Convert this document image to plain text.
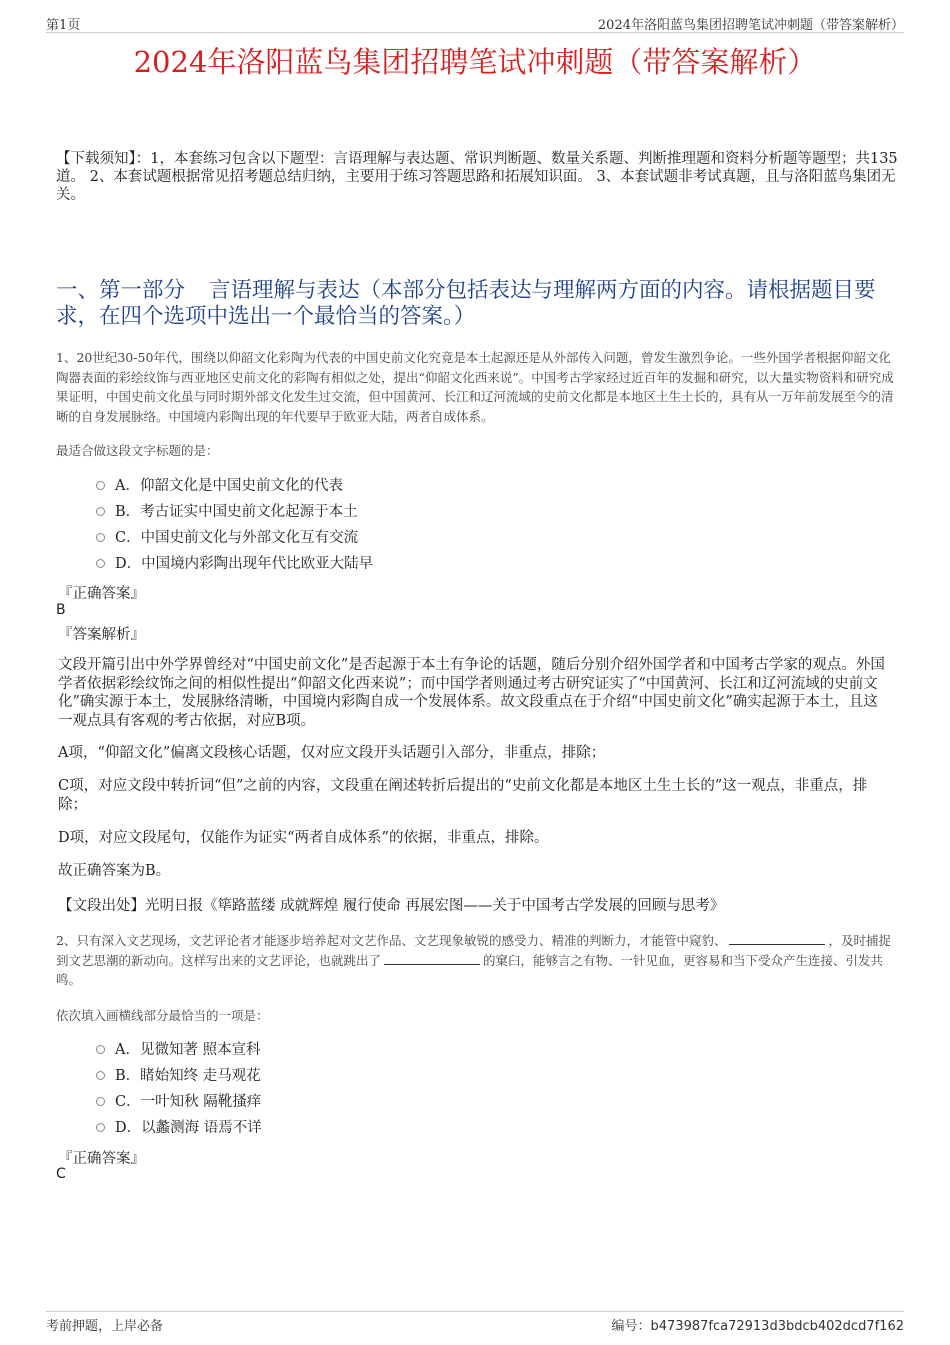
第1页	2024年洛阳蓝鸟集团招聘笔试冲刺题（带答案解析）
2024年洛阳蓝鸟集团招聘笔试冲刺题（带答案解析）
【下载须知】：1，本套练习包含以下题型：言语理解与表达题、常识判断题、数量关系题、判断推理题和资料分析题等题型；共135道。 2、本套试题根据常见招考题总结归纳，主要用于练习答题思路和拓展知识面。 3、本套试题非考试真题，且与洛阳蓝鸟集团无关。
一、第一部分 言语理解与表达（本部分包括表达与理解两方面的内容。请根据题目要求，在四个选项中选出一个最恰当的答案。）
1、20世纪30-50年代，围绕以仰韶文化彩陶为代表的中国史前文化究竟是本土起源还是从外部传入问题，曾发生激烈争论。一些外国学者根据仰韶文化陶器表面的彩绘纹饰与西亚地区史前文化的彩陶有相似之处，提出“仰韶文化西来说”。中国考古学家经过近百年的发掘和研究，以大量实物资料和研究成果证明，中国史前文化虽与同时期外部文化发生过交流，但中国黄河、长江和辽河流域的史前文化都是本地区土生土长的，具有从一万年前发展至今的清晰的自身发展脉络。中国境内彩陶出现的年代要早于欧亚大陆，两者自成体系。
最适合做这段文字标题的是：
A．仰韶文化是中国史前文化的代表
B．考古证实中国史前文化起源于本土
C．中国史前文化与外部文化互有交流
D．中国境内彩陶出现年代比欧亚大陆早
『正确答案』
B
『答案解析』
文段开篇引出中外学界曾经对“中国史前文化”是否起源于本土有争论的话题，随后分别介绍外国学者和中国考古学家的观点。外国学者依据彩绘纹饰之间的相似性提出“仰韶文化西来说”；而中国学者则通过考古研究证实了“中国黄河、长江和辽河流域的史前文化”确实源于本土，发展脉络清晰，中国境内彩陶自成一个发展体系。故文段重点在于介绍“中国史前文化”确实起源于本土，且这一观点具有客观的考古依据，对应B项。
A项，“仰韶文化”偏离文段核心话题，仅对应文段开头话题引入部分，非重点，排除；
C项，对应文段中转折词“但”之前的内容，文段重在阐述转折后提出的“史前文化都是本地区土生土长的”这一观点，非重点，排除；
D项，对应文段尾句，仅能作为证实“两者自成体系”的依据，非重点，排除。
故正确答案为B。
【文段出处】光明日报《筚路蓝缕 成就辉煌 履行使命 再展宏图——关于中国考古学发展的回顾与思考》
2、只有深入文艺现场，文艺评论者才能逐步培养起对文艺作品、文艺现象敏锐的感受力、精准的判断力，才能管中窥豹、	，及时捕捉到文艺思潮的新动向。这样写出来的文艺评论，也就跳出了	的窠臼，能够言之有物、一针见血，更容易和当下受众产生连接、引发共鸣。
依次填入画横线部分最恰当的一项是：
A．见微知著 照本宣科
B．睹始知终 走马观花
C．一叶知秋 隔靴搔痒
D．以蠡测海 语焉不详
『正确答案』
C
考前押题，上岸必备	编号：b473987fca72913d3bdcb402dcd7f162
